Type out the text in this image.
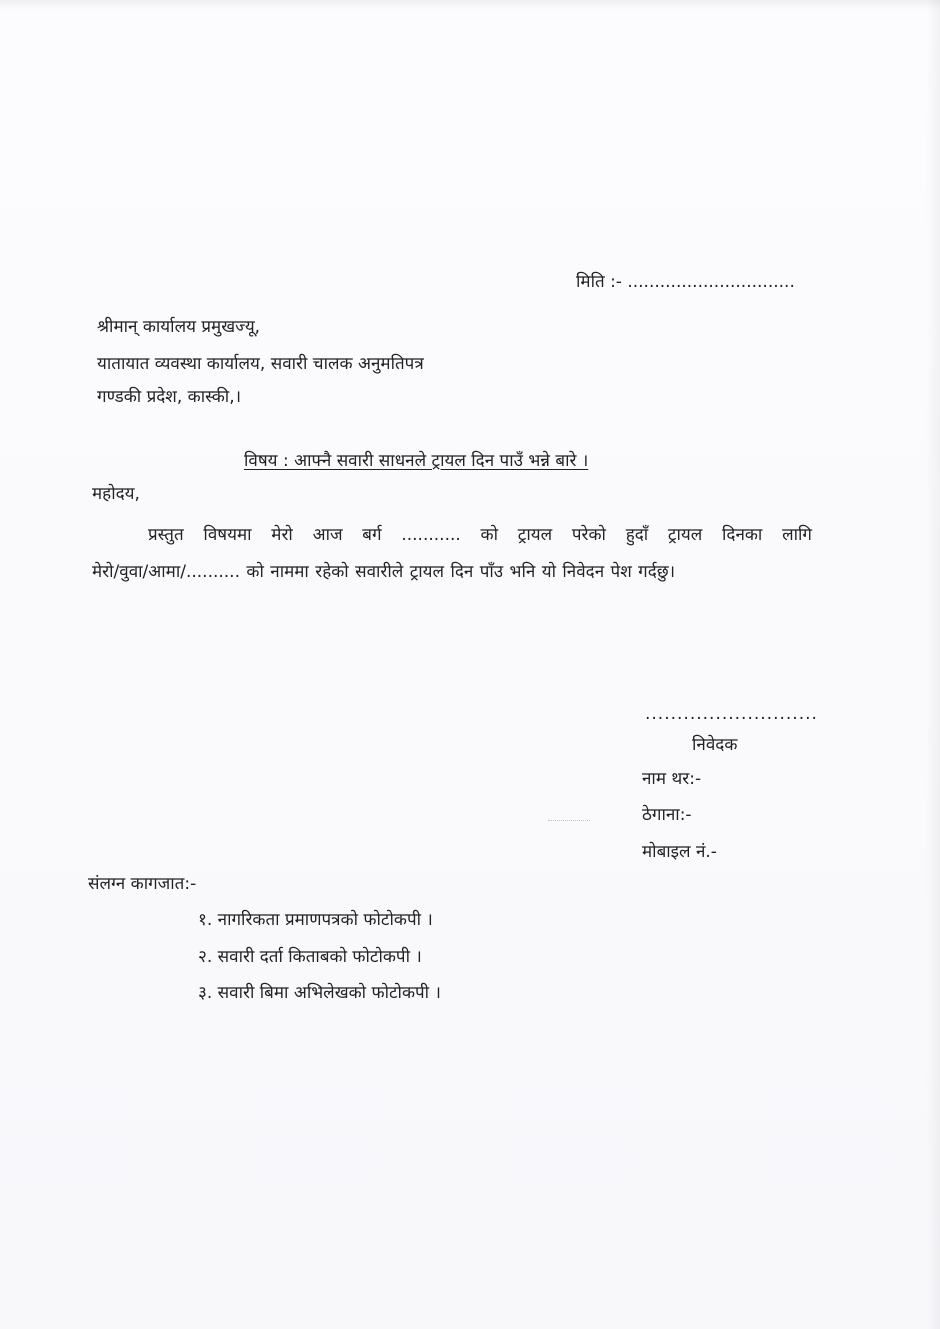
मिति :- ...............................
श्रीमान् कार्यालय प्रमुखज्यू,
यातायात व्यवस्था कार्यालय, सवारी चालक अनुमतिपत्र
गण्डकी प्रदेश, कास्की,।
विषय : आफ्नै सवारी साधनले ट्रायल दिन पाउँ भन्ने बारे ।
महोदय,
प्रस्तुत विषयमा मेरो आज बर्ग ........... को ट्रायल परेको हुदाँ ट्रायल दिनका लागि
मेरो/वुवा/आमा/.......... को नाममा रहेको सवारीले ट्रायल दिन पाँउ भनि यो निवेदन पेश गर्दछु।
...........................
निवेदक
नाम थर:-
ठेगाना:-
मोबाइल नं.-
संलग्न कागजात:-
१. नागरिकता प्रमाणपत्रको फोटोकपी ।
२. सवारी दर्ता किताबको फोटोकपी ।
३. सवारी बिमा अभिलेखको फोटोकपी ।
